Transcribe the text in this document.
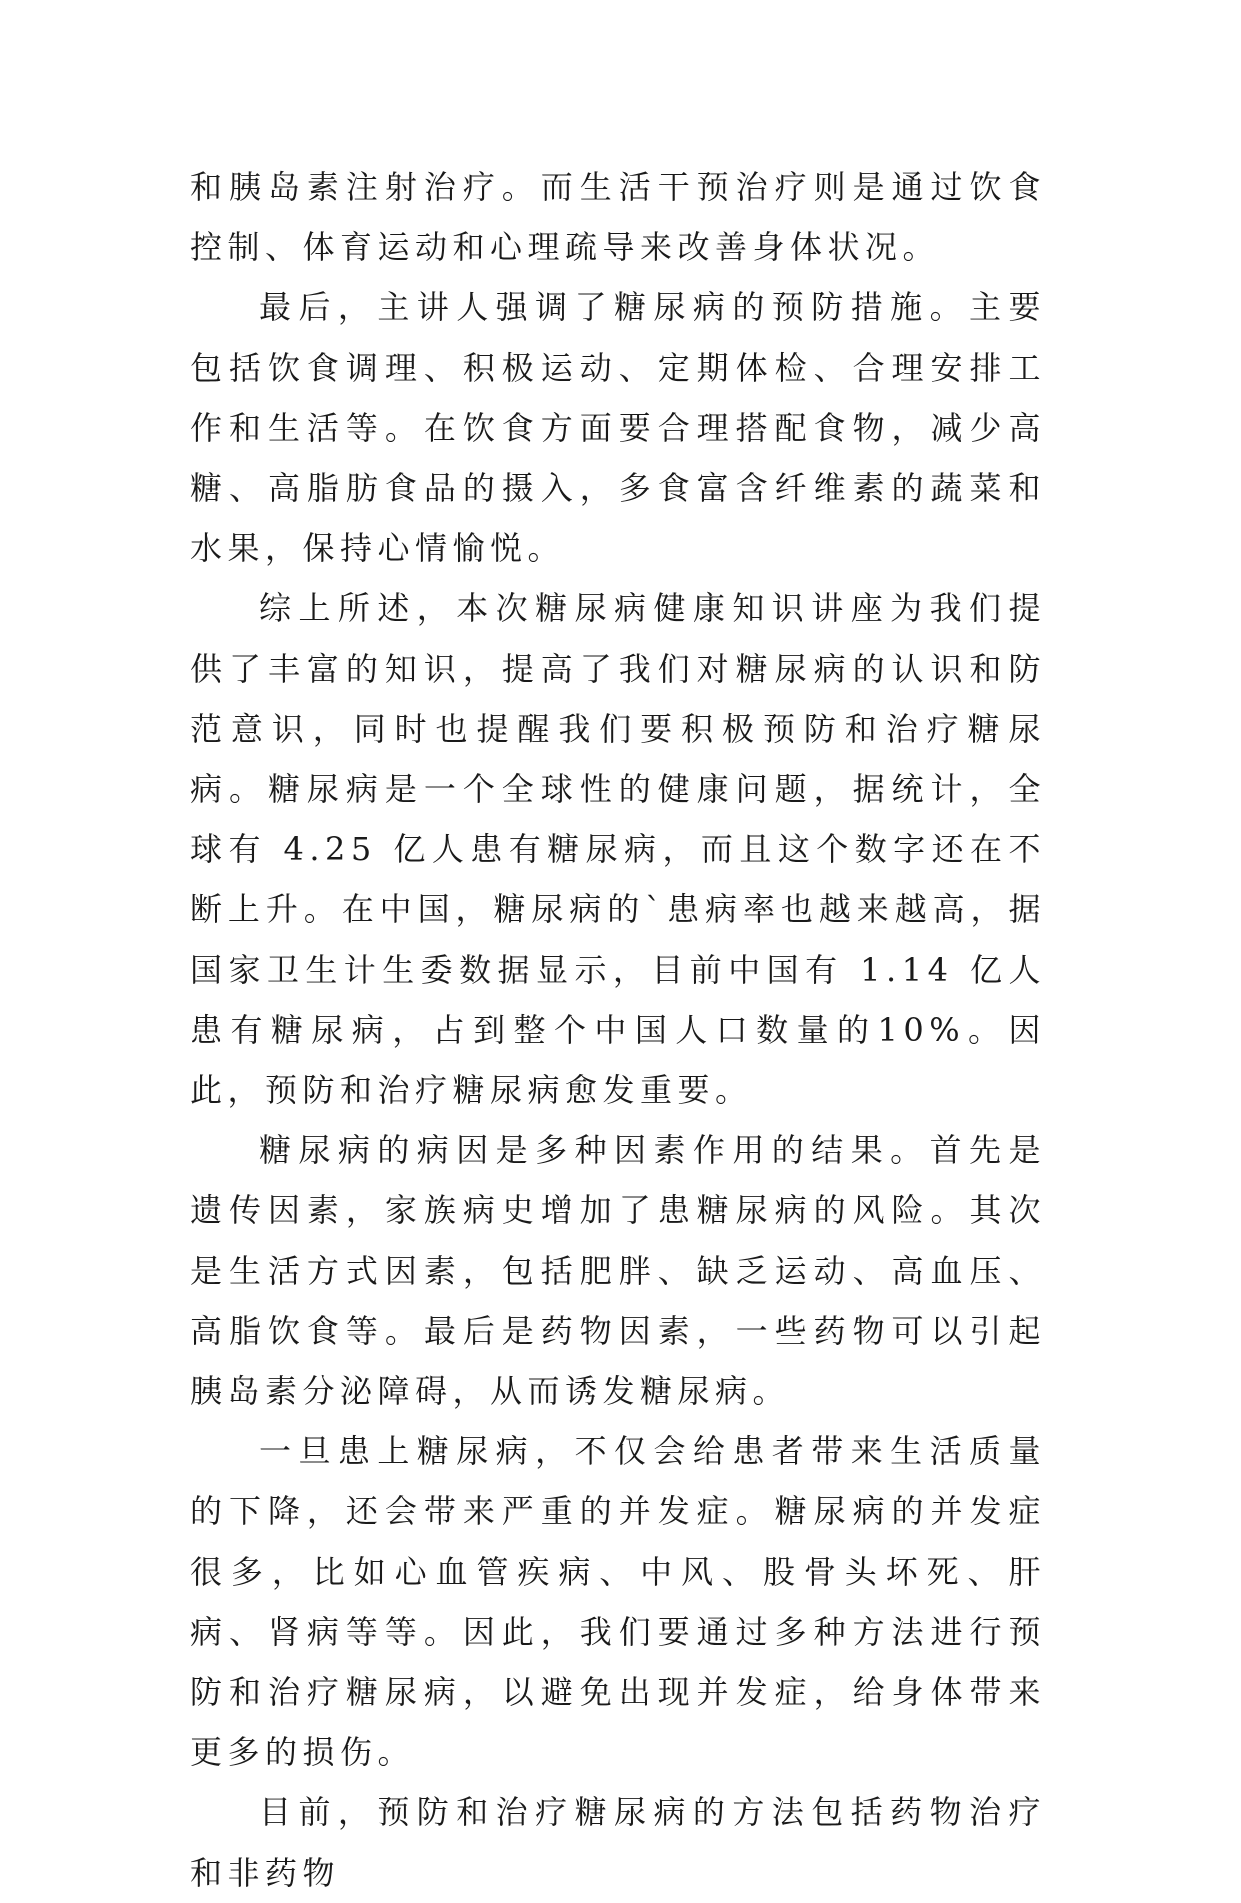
和胰岛素注射治疗。而生活干预治疗则是通过饮食控制、体育运动和心理疏导来改善身体状况。

最后，主讲人强调了糖尿病的预防措施。主要包括饮食调理、积极运动、定期体检、合理安排工作和生活等。在饮食方面要合理搭配食物，减少高糖、高脂肪食品的摄入，多食富含纤维素的蔬菜和水果，保持心情愉悦。

综上所述，本次糖尿病健康知识讲座为我们提供了丰富的知识，提高了我们对糖尿病的认识和防范意识，同时也提醒我们要积极预防和治疗糖尿病。糖尿病是一个全球性的健康问题，据统计，全球有 4.25 亿人患有糖尿病，而且这个数字还在不断上升。在中国，糖尿病的`患病率也越来越高，据国家卫生计生委数据显示，目前中国有 1.14 亿人患有糖尿病，占到整个中国人口数量的10%。因此，预防和治疗糖尿病愈发重要。

糖尿病的病因是多种因素作用的结果。首先是遗传因素，家族病史增加了患糖尿病的风险。其次是生活方式因素，包括肥胖、缺乏运动、高血压、高脂饮食等。最后是药物因素，一些药物可以引起胰岛素分泌障碍，从而诱发糖尿病。

一旦患上糖尿病，不仅会给患者带来生活质量的下降，还会带来严重的并发症。糖尿病的并发症很多，比如心血管疾病、中风、股骨头坏死、肝病、肾病等等。因此，我们要通过多种方法进行预防和治疗糖尿病，以避免出现并发症，给身体带来更多的损伤。

目前，预防和治疗糖尿病的方法包括药物治疗和非药物
